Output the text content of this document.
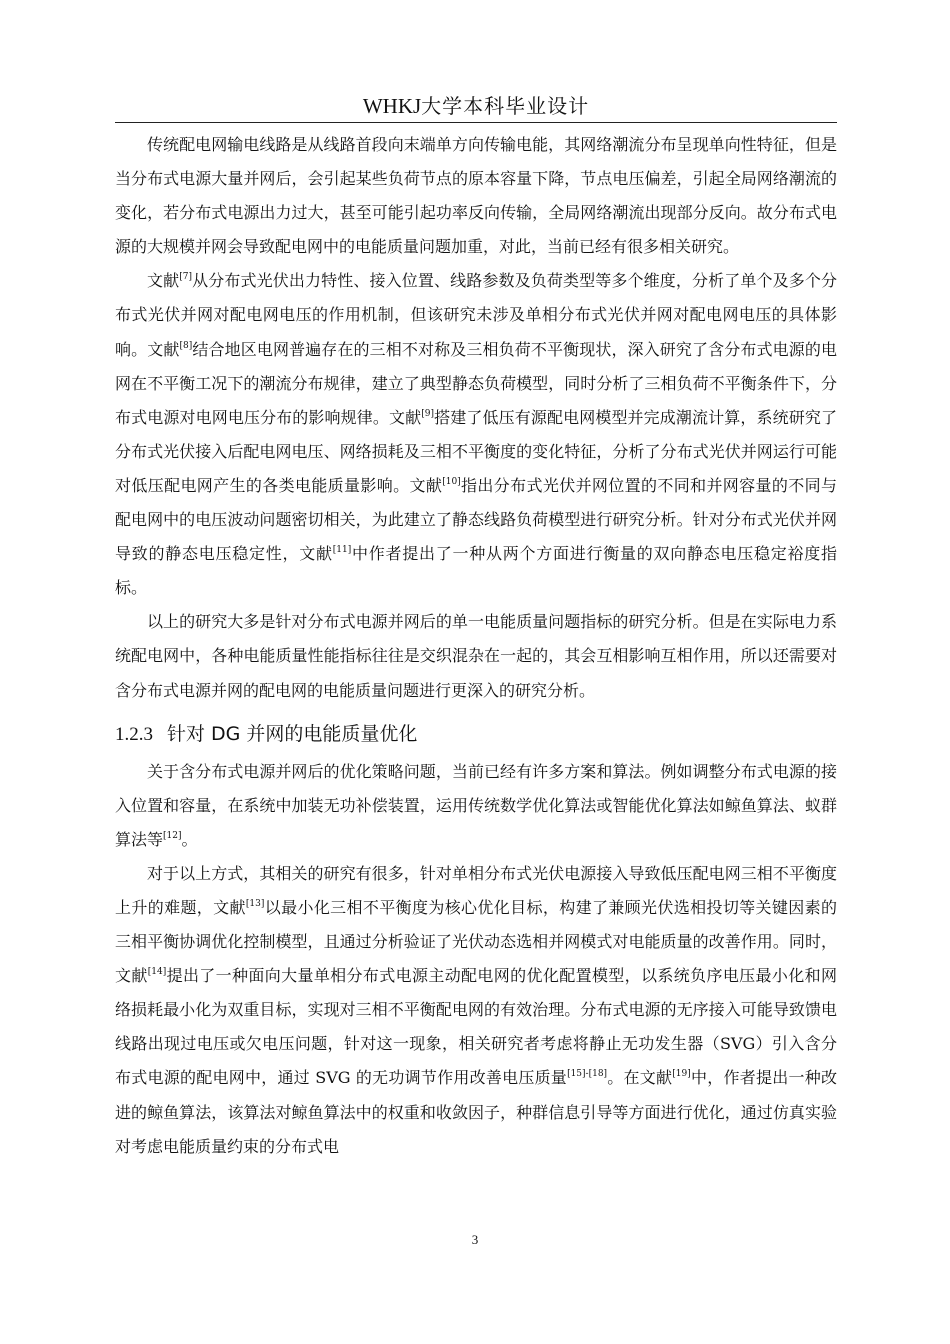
WHKJ大学本科毕业设计

传统配电网输电线路是从线路首段向末端单方向传输电能，其网络潮流分布呈现单向性特征，但是当分布式电源大量并网后，会引起某些负荷节点的原本容量下降，节点电压偏差，引起全局网络潮流的变化，若分布式电源出力过大，甚至可能引起功率反向传输，全局网络潮流出现部分反向。故分布式电源的大规模并网会导致配电网中的电能质量问题加重，对此，当前已经有很多相关研究。

文献[7]从分布式光伏出力特性、接入位置、线路参数及负荷类型等多个维度，分析了单个及多个分布式光伏并网对配电网电压的作用机制，但该研究未涉及单相分布式光伏并网对配电网电压的具体影响。文献[8]结合地区电网普遍存在的三相不对称及三相负荷不平衡现状，深入研究了含分布式电源的电网在不平衡工况下的潮流分布规律，建立了典型静态负荷模型，同时分析了三相负荷不平衡条件下，分布式电源对电网电压分布的影响规律。文献[9]搭建了低压有源配电网模型并完成潮流计算，系统研究了分布式光伏接入后配电网电压、网络损耗及三相不平衡度的变化特征，分析了分布式光伏并网运行可能对低压配电网产生的各类电能质量影响。文献[10]指出分布式光伏并网位置的不同和并网容量的不同与配电网中的电压波动问题密切相关，为此建立了静态线路负荷模型进行研究分析。针对分布式光伏并网导致的静态电压稳定性，文献[11]中作者提出了一种从两个方面进行衡量的双向静态电压稳定裕度指标。

以上的研究大多是针对分布式电源并网后的单一电能质量问题指标的研究分析。但是在实际电力系统配电网中，各种电能质量性能指标往往是交织混杂在一起的，其会互相影响互相作用，所以还需要对含分布式电源并网的配电网的电能质量问题进行更深入的研究分析。

1.2.3 针对 DG 并网的电能质量优化

关于含分布式电源并网后的优化策略问题，当前已经有许多方案和算法。例如调整分布式电源的接入位置和容量，在系统中加装无功补偿装置，运用传统数学优化算法或智能优化算法如鲸鱼算法、蚁群算法等[12]。

对于以上方式，其相关的研究有很多，针对单相分布式光伏电源接入导致低压配电网三相不平衡度上升的难题，文献[13]以最小化三相不平衡度为核心优化目标，构建了兼顾光伏选相投切等关键因素的三相平衡协调优化控制模型，且通过分析验证了光伏动态选相并网模式对电能质量的改善作用。同时，文献[14]提出了一种面向大量单相分布式电源主动配电网的优化配置模型，以系统负序电压最小化和网络损耗最小化为双重目标，实现对三相不平衡配电网的有效治理。分布式电源的无序接入可能导致馈电线路出现过电压或欠电压问题，针对这一现象，相关研究者考虑将静止无功发生器（SVG）引入含分布式电源的配电网中，通过 SVG 的无功调节作用改善电压质量[15]-[18]。在文献[19]中，作者提出一种改进的鲸鱼算法，该算法对鲸鱼算法中的权重和收敛因子，种群信息引导等方面进行优化，通过仿真实验对考虑电能质量约束的分布式电

3
